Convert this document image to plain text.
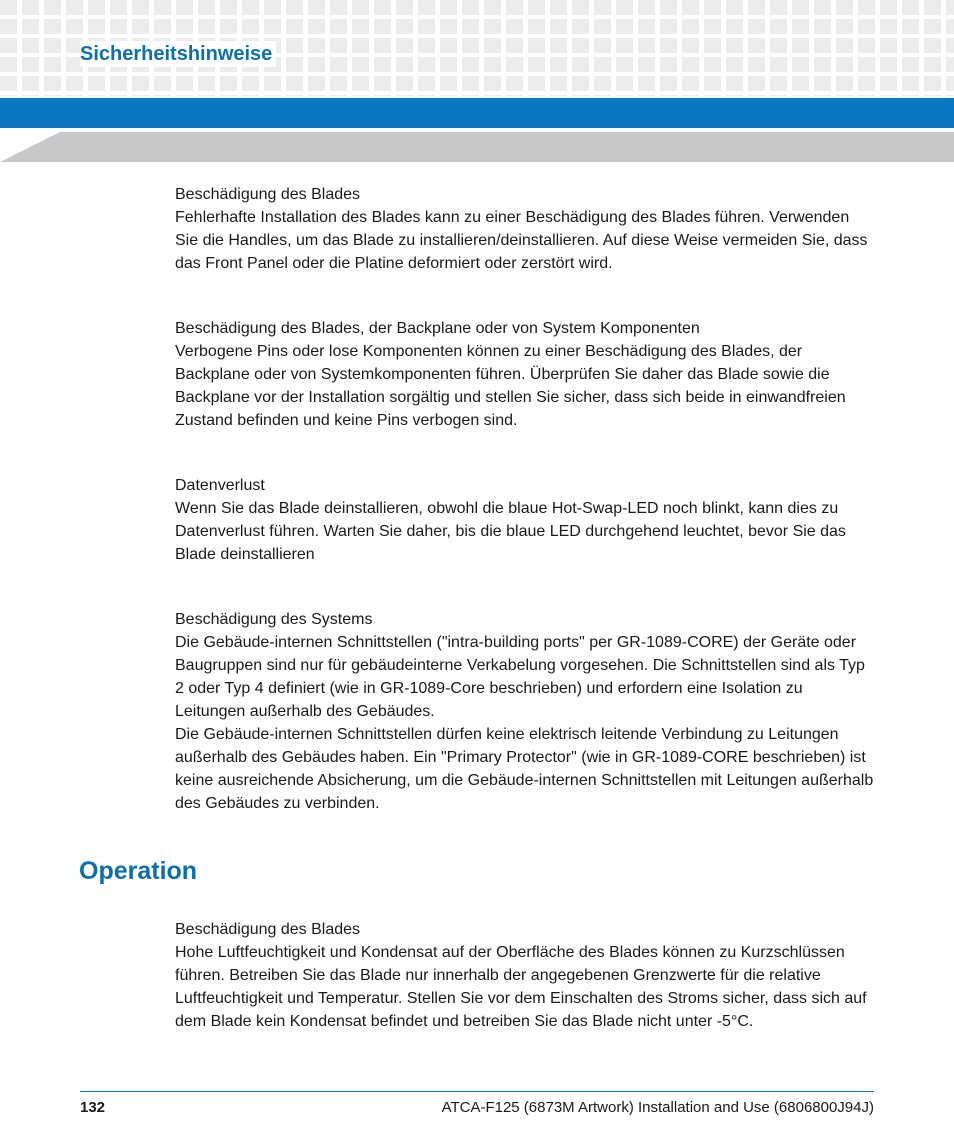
Sicherheitshinweise

Beschädigung des Blades

Fehlerhafte Installation des Blades kann zu einer Beschädigung des Blades führen. Verwenden Sie die Handles, um das Blade zu installieren/deinstallieren. Auf diese Weise vermeiden Sie, dass das Front Panel oder die Platine deformiert oder zerstört wird.

Beschädigung des Blades, der Backplane oder von System Komponenten

Verbogene Pins oder lose Komponenten können zu einer Beschädigung des Blades, der Backplane oder von Systemkomponenten führen. Überprüfen Sie daher das Blade sowie die Backplane vor der Installation sorgältig und stellen Sie sicher, dass sich beide in einwandfreien Zustand befinden und keine Pins verbogen sind.

Datenverlust

Wenn Sie das Blade deinstallieren, obwohl die blaue Hot-Swap-LED noch blinkt, kann dies zu Datenverlust führen. Warten Sie daher, bis die blaue LED durchgehend leuchtet, bevor Sie das Blade deinstallieren

Beschädigung des Systems

Die Gebäude-internen Schnittstellen ("intra-building ports" per GR-1089-CORE) der Geräte oder Baugruppen sind nur für gebäudeinterne Verkabelung vorgesehen. Die Schnittstellen sind als Typ 2 oder Typ 4 definiert (wie in GR-1089-Core beschrieben) und erfordern eine Isolation zu Leitungen außerhalb des Gebäudes.

Die Gebäude-internen Schnittstellen dürfen keine elektrisch leitende Verbindung zu Leitungen außerhalb des Gebäudes haben. Ein "Primary Protector" (wie in GR-1089-CORE beschrieben) ist keine ausreichende Absicherung, um die Gebäude-internen Schnittstellen mit Leitungen außerhalb des Gebäudes zu verbinden.

Operation

Beschädigung des Blades

Hohe Luftfeuchtigkeit und Kondensat auf der Oberfläche des Blades können zu Kurzschlüssen führen. Betreiben Sie das Blade nur innerhalb der angegebenen Grenzwerte für die relative Luftfeuchtigkeit und Temperatur. Stellen Sie vor dem Einschalten des Stroms sicher, dass sich auf dem Blade kein Kondensat befindet und betreiben Sie das Blade nicht unter -5°C.

132	ATCA-F125 (6873M Artwork) Installation and Use (6806800J94J)
